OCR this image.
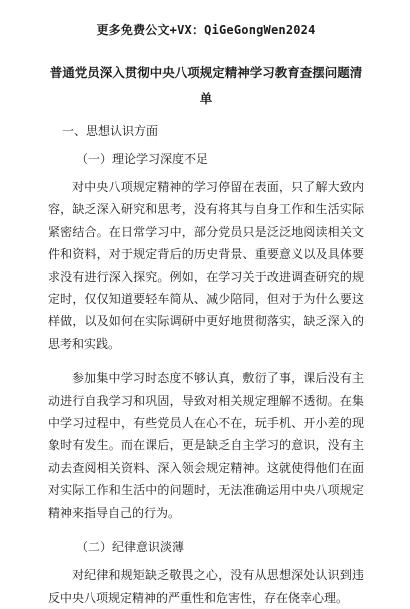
更多免费公文+VX：QiGeGongWen2024
普通党员深入贯彻中央八项规定精神学习教育查摆问题清单
一、思想认识方面
（一）理论学习深度不足

对中央八项规定精神的学习停留在表面，只了解大致内容，缺乏深入研究和思考，没有将其与自身工作和生活实际紧密结合。在日常学习中，部分党员只是泛泛地阅读相关文件和资料，对于规定背后的历史背景、重要意义以及具体要求没有进行深入探究。例如，在学习关于改进调查研究的规定时，仅仅知道要轻车简从、减少陪同，但对于为什么要这样做，以及如何在实际调研中更好地贯彻落实，缺乏深入的思考和实践。

参加集中学习时态度不够认真，敷衍了事，课后没有主动进行自我学习和巩固，导致对相关规定理解不透彻。在集中学习过程中，有些党员人在心不在，玩手机、开小差的现象时有发生。而在课后，更是缺乏自主学习的意识，没有主动去查阅相关资料、深入领会规定精神。这就使得他们在面对实际工作和生活中的问题时，无法准确运用中央八项规定精神来指导自己的行为。

（二）纪律意识淡薄

对纪律和规矩缺乏敬畏之心，没有从思想深处认识到违反中央八项规定精神的严重性和危害性，存在侥幸心理。
